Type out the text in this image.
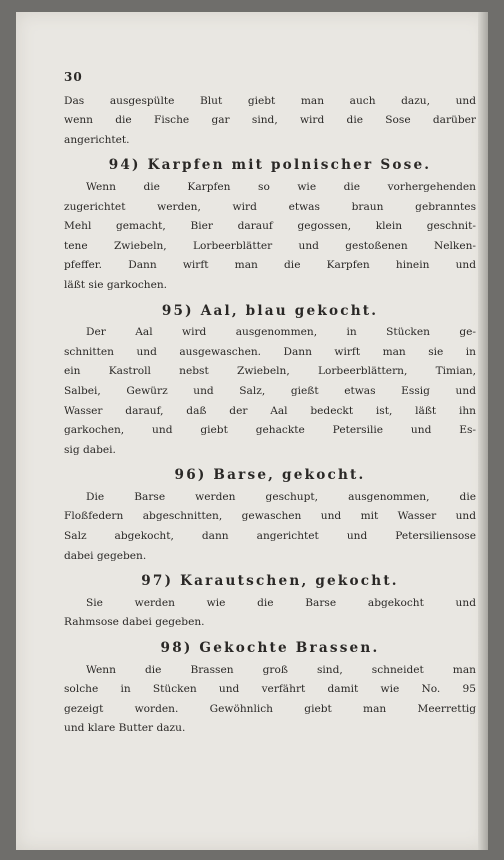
30
Das ausgespülte Blut giebt man auch dazu, und
wenn die Fische gar sind, wird die Sose darüber
angerichtet.
94) Karpfen mit polnischer Sose.
Wenn die Karpfen so wie die vorhergehenden
zugerichtet werden, wird etwas braun gebranntes
Mehl gemacht, Bier darauf gegossen, klein geschnit-
tene Zwiebeln, Lorbeerblätter und gestoßenen Nelken-
pfeffer. Dann wirft man die Karpfen hinein und
läßt sie garkochen.
95) Aal, blau gekocht.
Der Aal wird ausgenommen, in Stücken ge-
schnitten und ausgewaschen. Dann wirft man sie in
ein Kastroll nebst Zwiebeln, Lorbeerblättern, Timian,
Salbei, Gewürz und Salz, gießt etwas Essig und
Wasser darauf, daß der Aal bedeckt ist, läßt ihn
garkochen, und giebt gehackte Petersilie und Es-
sig dabei.
96) Barse, gekocht.
Die Barse werden geschupt, ausgenommen, die
Floßfedern abgeschnitten, gewaschen und mit Wasser und
Salz abgekocht, dann angerichtet und Petersiliensose
dabei gegeben.
97) Karautschen, gekocht.
Sie werden wie die Barse abgekocht und
Rahmsose dabei gegeben.
98) Gekochte Brassen.
Wenn die Brassen groß sind, schneidet man
solche in Stücken und verfährt damit wie No. 95
gezeigt worden. Gewöhnlich giebt man Meerrettig
und klare Butter dazu.
